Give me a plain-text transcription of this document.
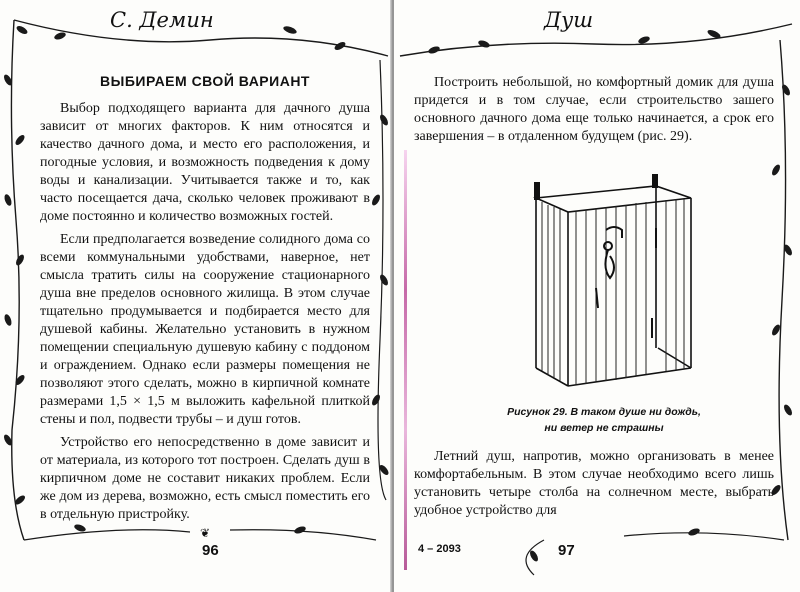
С. Демин
ВЫБИРАЕМ СВОЙ ВАРИАНТ

Выбор подходящего варианта для дачного душа зависит от многих факторов. К ним относятся и качество дачного дома, и место его расположения, и погодные условия, и возможность подведения к дому воды и канализации. Учитывается также и то, как часто посещается дача, сколько человек проживают в доме постоянно и количество возможных гостей.

Если предполагается возведение солидного дома со всеми коммунальными удобствами, наверное, нет смысла тратить силы на сооружение стационарного душа вне пределов основного жилища. В этом случае тщательно продумывается и подбирается место для душевой кабины. Желательно установить в нужном помещении специальную душевую кабину с поддоном и ограждением. Однако если размеры помещения не позволяют этого сделать, можно в кирпичной комнате размерами 1,5 × 1,5 м выложить кафельной плиткой стены и пол, подвести трубы – и душ готов.

Устройство его непосредственно в доме зависит и от материала, из которого тот построен. Сделать душ в кирпичном доме не составит никаких проблем. Если же дом из дерева, возможно, есть смысл поместить его в отдельную пристройку.

96
❦
Душ

Построить небольшой, но комфортный домик для душа придется и в том случае, если строительство зашего основного дачного дома еще только начинается, а срок его завершения – в отдаленном будущем (рис. 29).

Рисунок 29. В таком душе ни дождь,
ни ветер не страшны

Летний душ, напротив, можно организовать в менее комфортабельным. В этом случае необходимо всего лишь установить четыре столба на солнечном месте, выбрать удобное устройство для

4 – 2093	97
